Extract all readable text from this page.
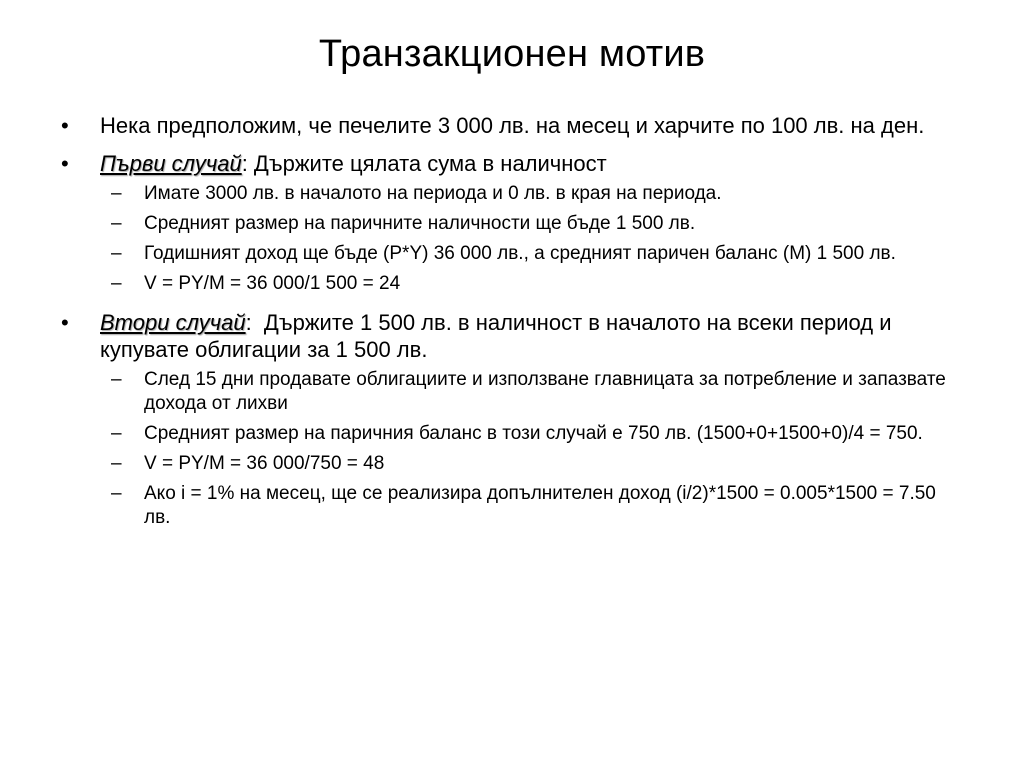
Транзакционен мотив
•	Нека предположим, че печелите 3 000 лв. на месец и харчите по 100 лв. на ден.
•	Първи случай: Държите цялата сума в наличност
– Имате 3000 лв. в началото на периода и 0 лв. в края на периода.
– Средният размер на паричните наличности ще бъде 1 500 лв.
– Годишният доход ще бъде (P*Y) 36 000 лв., а средният паричен баланс (M) 1 500 лв.
– V = PY/M = 36 000/1 500 = 24
•	Втори случай:  Държите 1 500 лв. в наличност в началото на всеки период и купувате облигации за 1 500 лв.
– След 15 дни продавате облигациите и използване главницата за потребление и запазвате дохода от лихви
– Средният размер на паричния баланс в този случай е 750 лв. (1500+0+1500+0)/4 = 750.
– V = PY/M = 36 000/750 = 48
– Ако i = 1% на месец, ще се реализира допълнителен доход (i/2)*1500 = 0.005*1500 = 7.50 лв.
